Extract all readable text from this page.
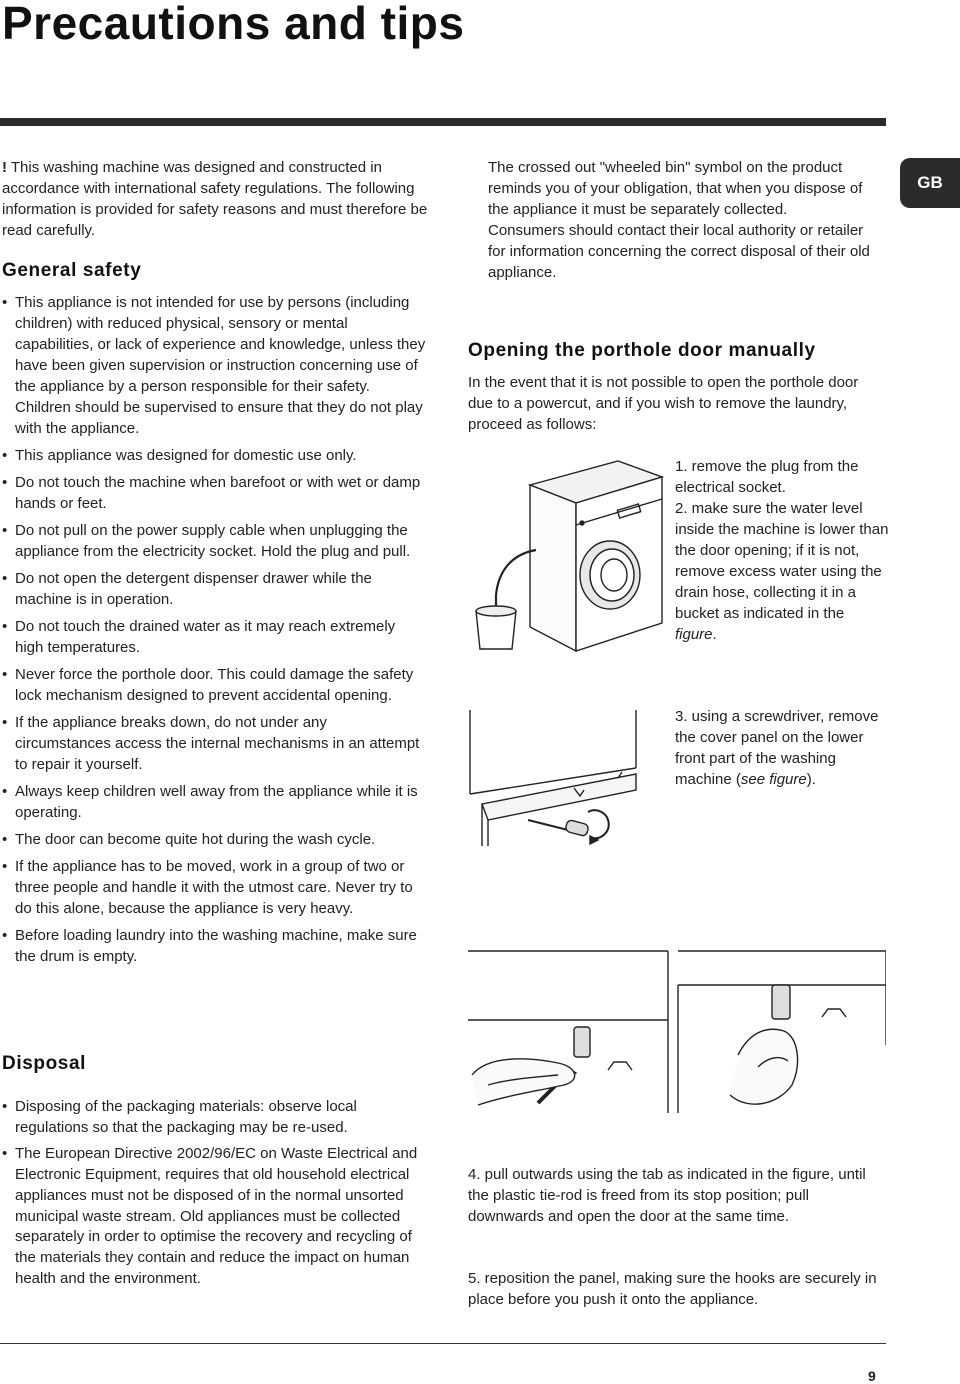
Precautions and tips
GB

! This washing machine was designed and constructed in accordance with international safety regulations. The following information is provided for safety reasons and must therefore be read carefully.

General safety
• This appliance is not intended for use by persons (including children) with reduced physical, sensory or mental capabilities, or lack of experience and knowledge, unless they have been given supervision or instruction concerning use of the appliance by a person responsible for their safety. Children should be supervised to ensure that they do not play with the appliance.
• This appliance was designed for domestic use only.
• Do not touch the machine when barefoot or with wet or damp hands or feet.
• Do not pull on the power supply cable when unplugging the appliance from the electricity socket. Hold the plug and pull.
• Do not open the detergent dispenser drawer while the machine is in operation.
• Do not touch the drained water as it may reach extremely high temperatures.
• Never force the porthole door. This could damage the safety lock mechanism designed to prevent accidental opening.
• If the appliance breaks down, do not under any circumstances access the internal mechanisms in an attempt to repair it yourself.
• Always keep children well away from the appliance while it is operating.
• The door can become quite hot during the wash cycle.
• If the appliance has to be moved, work in a group of two or three people and handle it with the utmost care. Never try to do this alone, because the appliance is very heavy.
• Before loading laundry into the washing machine, make sure the drum is empty.
Disposal
• Disposing of the packaging materials: observe local regulations so that the packaging may be re-used.
• The European Directive 2002/96/EC on Waste Electrical and Electronic Equipment, requires that old household electrical appliances must not be disposed of in the normal unsorted municipal waste stream. Old appliances must be collected separately in order to optimise the recovery and recycling of the materials they contain and reduce the impact on human health and the environment.

The crossed out "wheeled bin" symbol on the product reminds you of your obligation, that when you dispose of the appliance it must be separately collected.

Consumers should contact their local authority or retailer for information concerning the correct disposal of their old appliance.

Opening the porthole door manually

In the event that it is not possible to open the porthole door due to a powercut, and if you wish to remove the laundry, proceed as follows:

1. remove the plug from the electrical socket.

2. make sure the water level inside the machine is lower than the door opening; if it is not, remove excess water using the drain hose, collecting it in a bucket as indicated in the figure.

3. using a screwdriver, remove the cover panel on the lower front part of the washing machine (see figure).

4. pull outwards using the tab as indicated in the figure, until the plastic tie-rod is freed from its stop position; pull downwards and open the door at the same time.

5. reposition the panel, making sure the hooks are securely in place before you push it onto the appliance.

9
